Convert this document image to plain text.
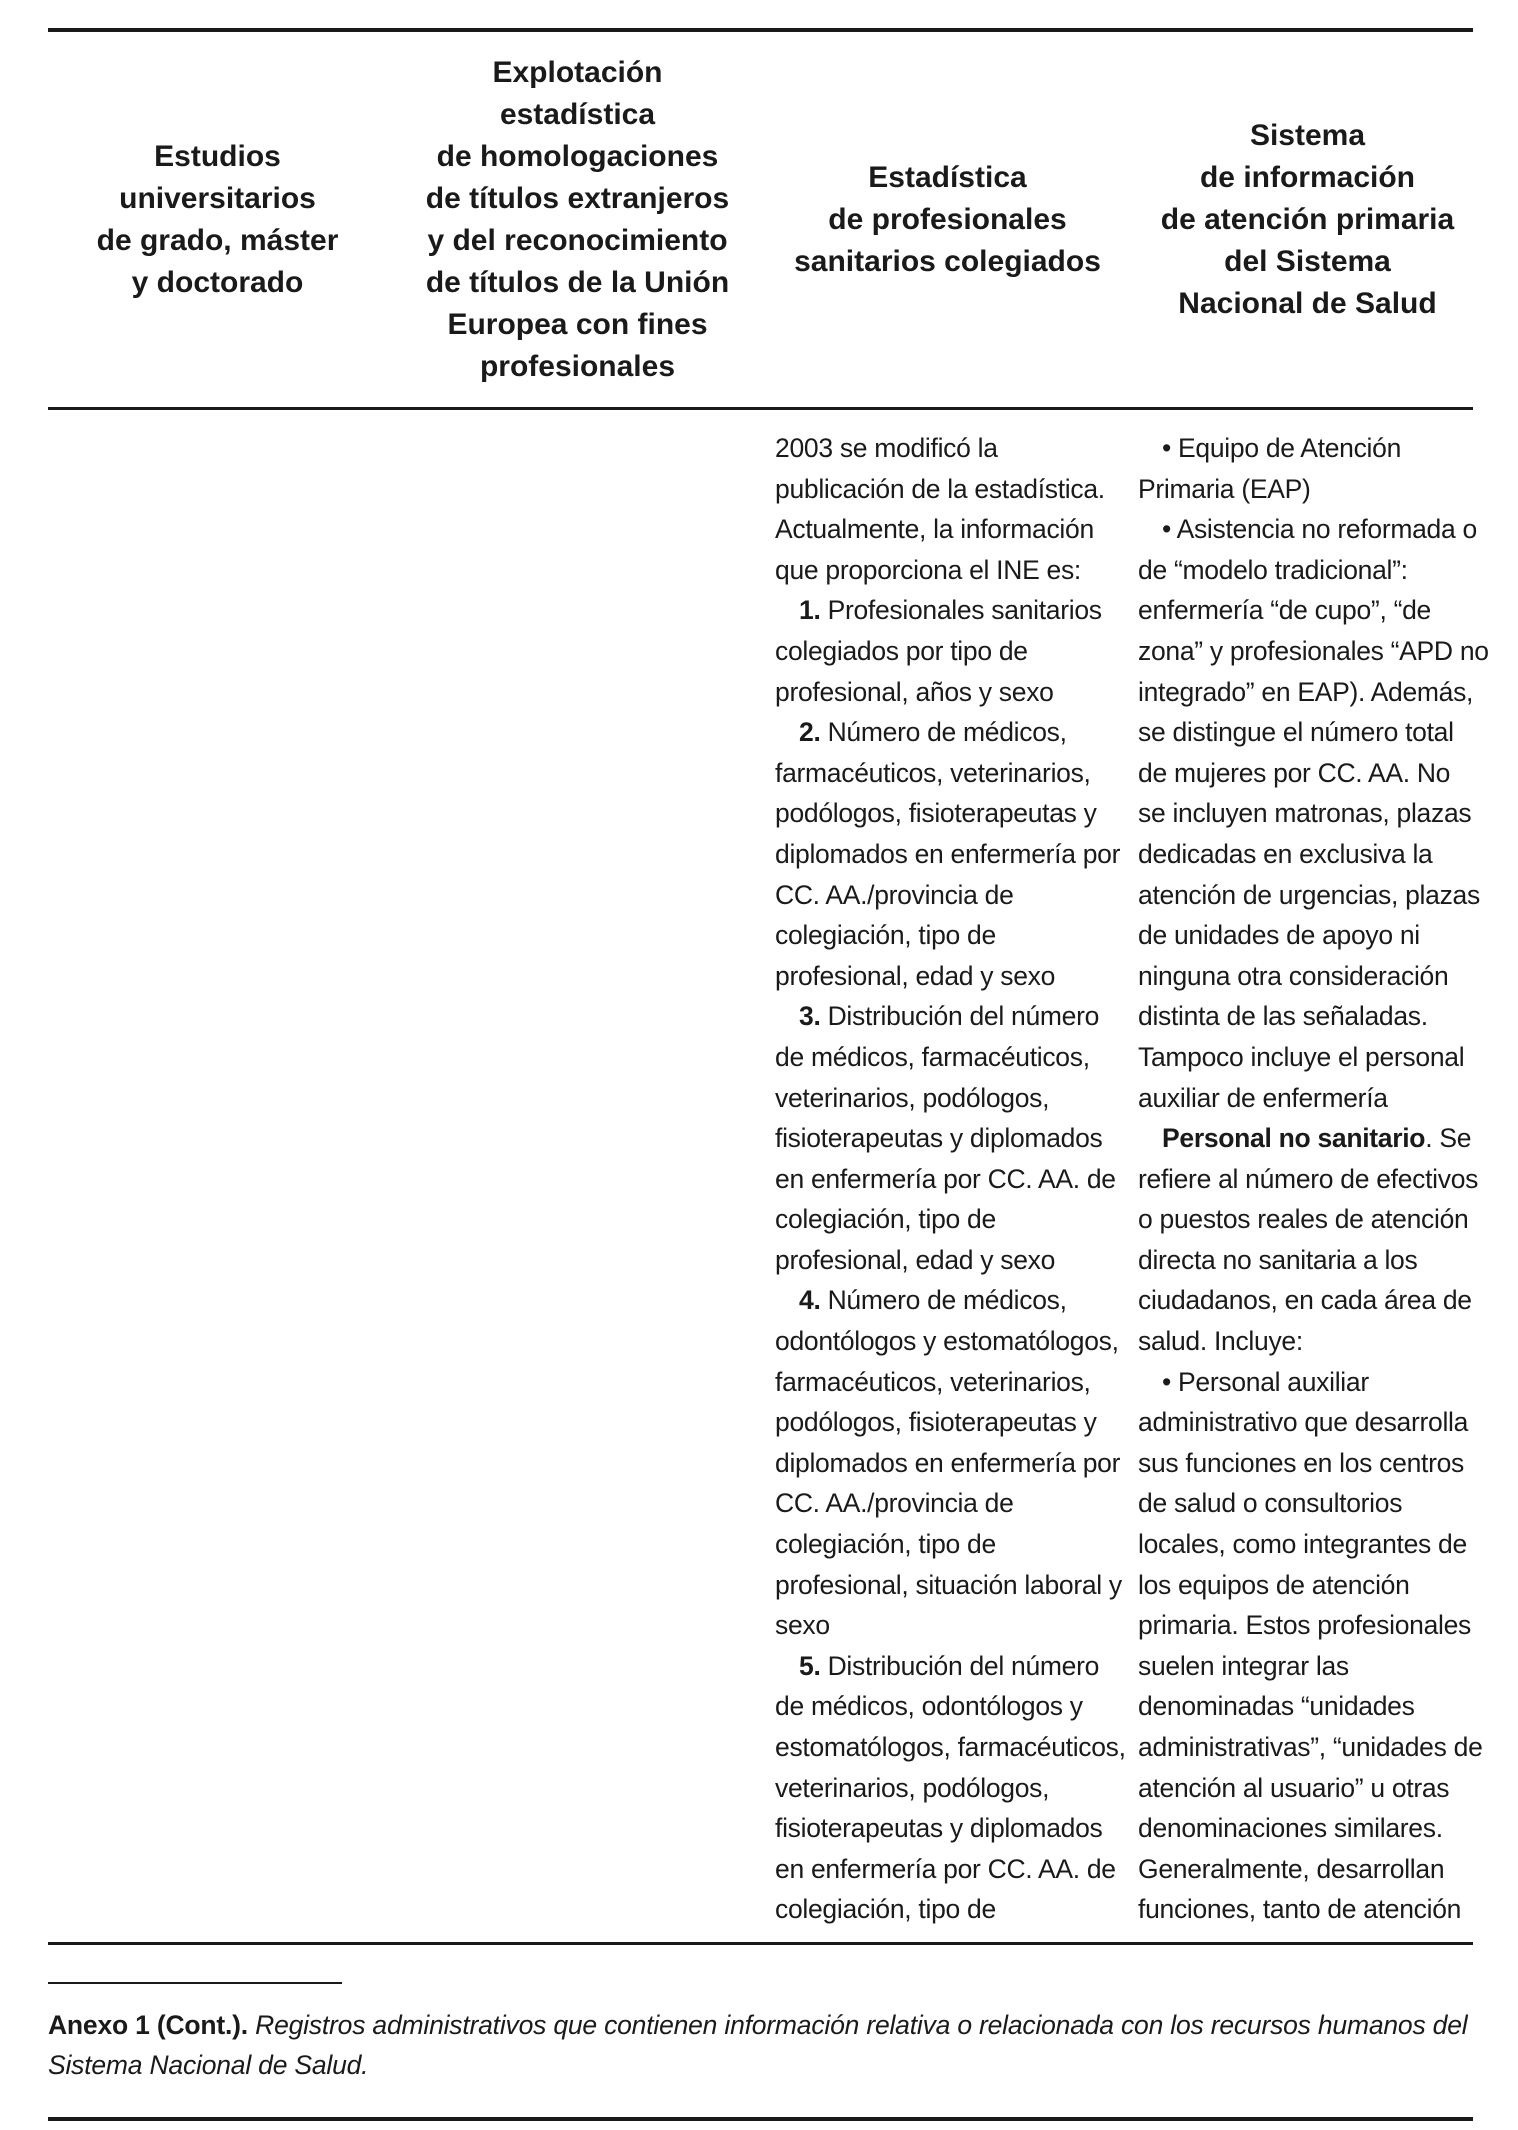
Estudios
universitarios
de grado, máster
y doctorado
Explotación
estadística
de homologaciones
de títulos extranjeros
y del reconocimiento
de títulos de la Unión
Europea con fines
profesionales
Estadística
de profesionales
sanitarios colegiados
Sistema
de información
de atención primaria
del Sistema
Nacional de Salud
2003 se modificó la
publicación de la estadística.
Actualmente, la información
que proporciona el INE es:
1. Profesionales sanitarios
colegiados por tipo de
profesional, años y sexo
2. Número de médicos,
farmacéuticos, veterinarios,
podólogos, fisioterapeutas y
diplomados en enfermería por
CC. AA./provincia de
colegiación, tipo de
profesional, edad y sexo
3. Distribución del número
de médicos, farmacéuticos,
veterinarios, podólogos,
fisioterapeutas y diplomados
en enfermería por CC. AA. de
colegiación, tipo de
profesional, edad y sexo
4. Número de médicos,
odontólogos y estomatólogos,
farmacéuticos, veterinarios,
podólogos, fisioterapeutas y
diplomados en enfermería por
CC. AA./provincia de
colegiación, tipo de
profesional, situación laboral y
sexo
5. Distribución del número
de médicos, odontólogos y
estomatólogos, farmacéuticos,
veterinarios, podólogos,
fisioterapeutas y diplomados
en enfermería por CC. AA. de
colegiación, tipo de
• Equipo de Atención
Primaria (EAP)
• Asistencia no reformada o
de “modelo tradicional”:
enfermería “de cupo”, “de
zona” y profesionales “APD no
integrado” en EAP). Además,
se distingue el número total
de mujeres por CC. AA. No
se incluyen matronas, plazas
dedicadas en exclusiva la
atención de urgencias, plazas
de unidades de apoyo ni
ninguna otra consideración
distinta de las señaladas.
Tampoco incluye el personal
auxiliar de enfermería
Personal no sanitario. Se
refiere al número de efectivos
o puestos reales de atención
directa no sanitaria a los
ciudadanos, en cada área de
salud. Incluye:
• Personal auxiliar
administrativo que desarrolla
sus funciones en los centros
de salud o consultorios
locales, como integrantes de
los equipos de atención
primaria. Estos profesionales
suelen integrar las
denominadas “unidades
administrativas”, “unidades de
atención al usuario” u otras
denominaciones similares.
Generalmente, desarrollan
funciones, tanto de atención
Anexo 1 (Cont.). Registros administrativos que contienen información relativa o relacionada con los recursos humanos del Sistema Nacional de Salud.
